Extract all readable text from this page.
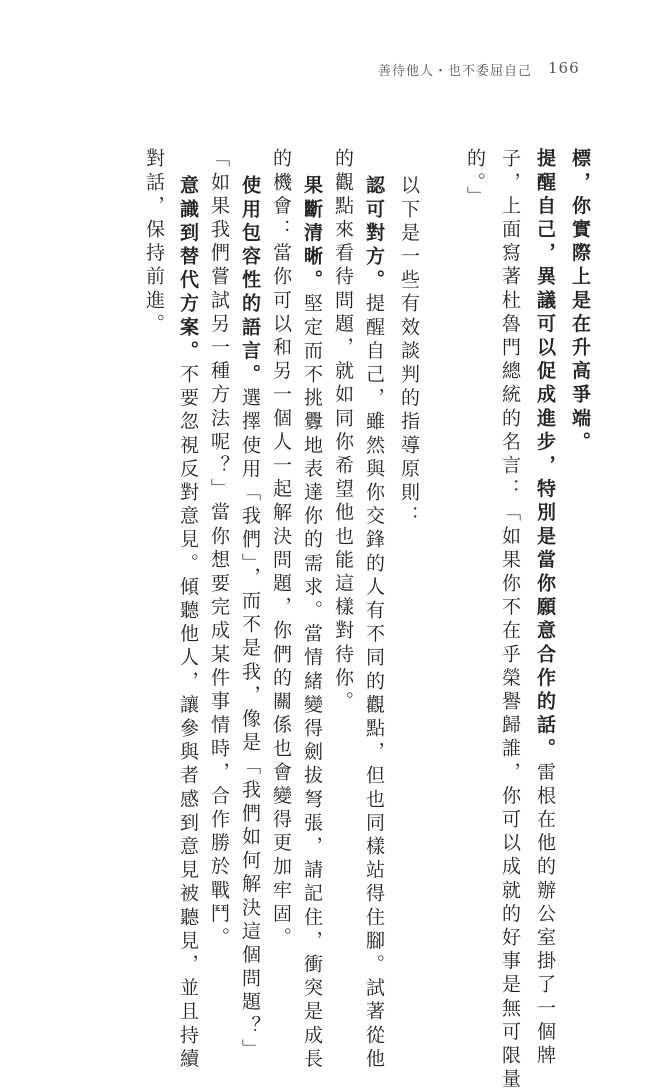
善待他人・也不委屈自己 166
的。」 子，上面寫著杜魯門總統的名言：「如果你不在乎榮譽歸誰，你可以成就的好事是無可限量 提醒自己，異議可以促成進步，特別是當你願意合作的話。雷根在他的辦公室掛了一個牌
標，你實際上是在升高爭端。
以下是一些有效談判的指導原則：
認可對方。提醒自己，雖然與你交鋒的人有不同的觀點，但也同樣站得住腳。試著從他
的觀點來看待問題，就如同你希望他也能這樣對待你。
果斷清晰。堅定而不挑釁地表達你的需求。當情緒變得劍拔弩張，請記住，衝突是成長
的機會：當你可以和另一個人一起解決問題，你們的關係也會變得更加牢固。
使用包容性的語言。選擇使用「我們」，而不是我，像是「我們如何解決這個問題？」
「如果我們嘗試另一種方法呢？」當你想要完成某件事情時，合作勝於戰鬥。
意識到替代方案。不要忽視反對意見。傾聽他人，讓參與者感到意見被聽見，並且持續
對話，保持前進。
